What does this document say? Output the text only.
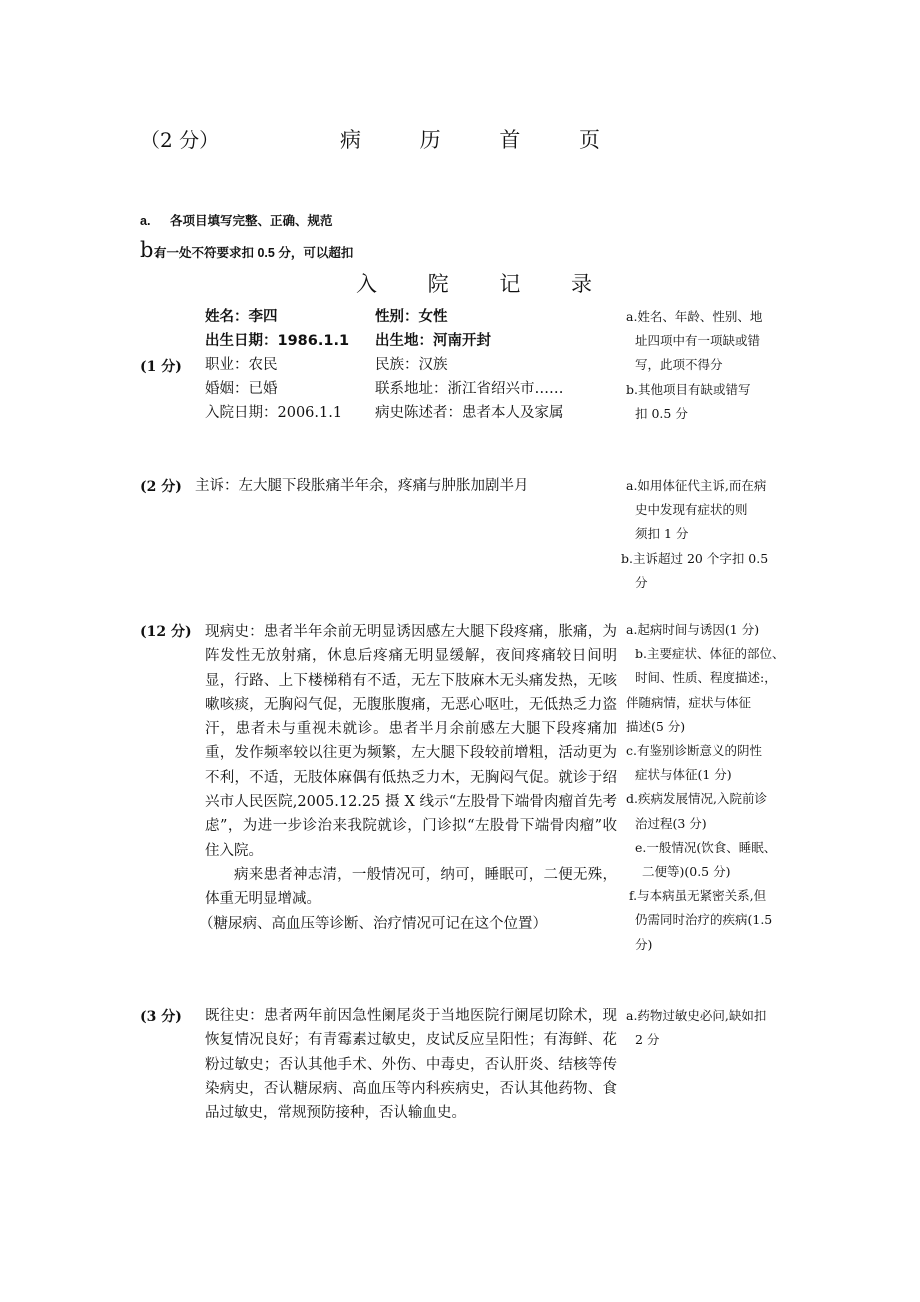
（2 分）	病 历 首 页
a. 各项目填写完整、正确、规范
b.有一处不符要求扣 0.5 分，可以超扣
入 院 记 录
(1 分)
姓名：李四	性别：女性
出生日期：1986.1.1	出生地：河南开封
职业：农民	民族：汉族
婚姻：已婚	联系地址：浙江省绍兴市……
入院日期：2006.1.1	病史陈述者：患者本人及家属

a.姓名、年龄、性别、地

址四项中有一项缺或错

写，此项不得分

b.其他项目有缺或错写

扣 0.5 分

(2 分) 主诉：左大腿下段胀痛半年余，疼痛与肿胀加剧半月	a.如用体征代主诉,而在病

史中发现有症状的则

须扣 1 分

b.主诉超过 20 个字扣 0.5

分

(12 分) 现病史：患者半年余前无明显诱因感左大腿下段疼痛，胀痛，为阵发性无放射痛，休息后疼痛无明显缓解，夜间疼痛较日间明显，行路、上下楼梯稍有不适，无左下肢麻木无头痛发热，无咳嗽咳痰，无胸闷气促，无腹胀腹痛，无恶心呕吐，无低热乏力盗汗，患者未与重视未就诊。患者半月余前感左大腿下段疼痛加重，发作频率较以往更为频繁，左大腿下段较前增粗，活动更为不利，不适，无肢体麻偶有低热乏力木，无胸闷气促。就诊于绍兴市人民医院,2005.12.25 摄 X 线示“左股骨下端骨肉瘤首先考虑”，为进一步诊治来我院就诊，门诊拟“左股骨下端骨肉瘤”收住入院。

病来患者神志清，一般情况可，纳可，睡眠可，二便无殊，体重无明显增减。

（糖尿病、高血压等诊断、治疗情况可记在这个位置）

a.起病时间与诱因(1 分)

b.主要症状、体征的部位、

时间、性质、程度描述:，

伴随病情，症状与体征

描述(5 分)

c.有鉴别诊断意义的阴性

症状与体征(1 分)

d.疾病发展情况,入院前诊

治过程(3 分)

e.一般情况(饮食、睡眠、

二便等)(0.5 分)

f.与本病虽无紧密关系,但

仍需同时治疗的疾病(1.5

分)

(3 分) 既往史：患者两年前因急性阑尾炎于当地医院行阑尾切除术，现恢复情况良好；有青霉素过敏史，皮试反应呈阳性；有海鲜、花粉过敏史；否认其他手术、外伤、中毒史，否认肝炎、结核等传染病史，否认糖尿病、高血压等内科疾病史，否认其他药物、食品过敏史，常规预防接种，否认输血史。

a.药物过敏史必问,缺如扣

2 分
